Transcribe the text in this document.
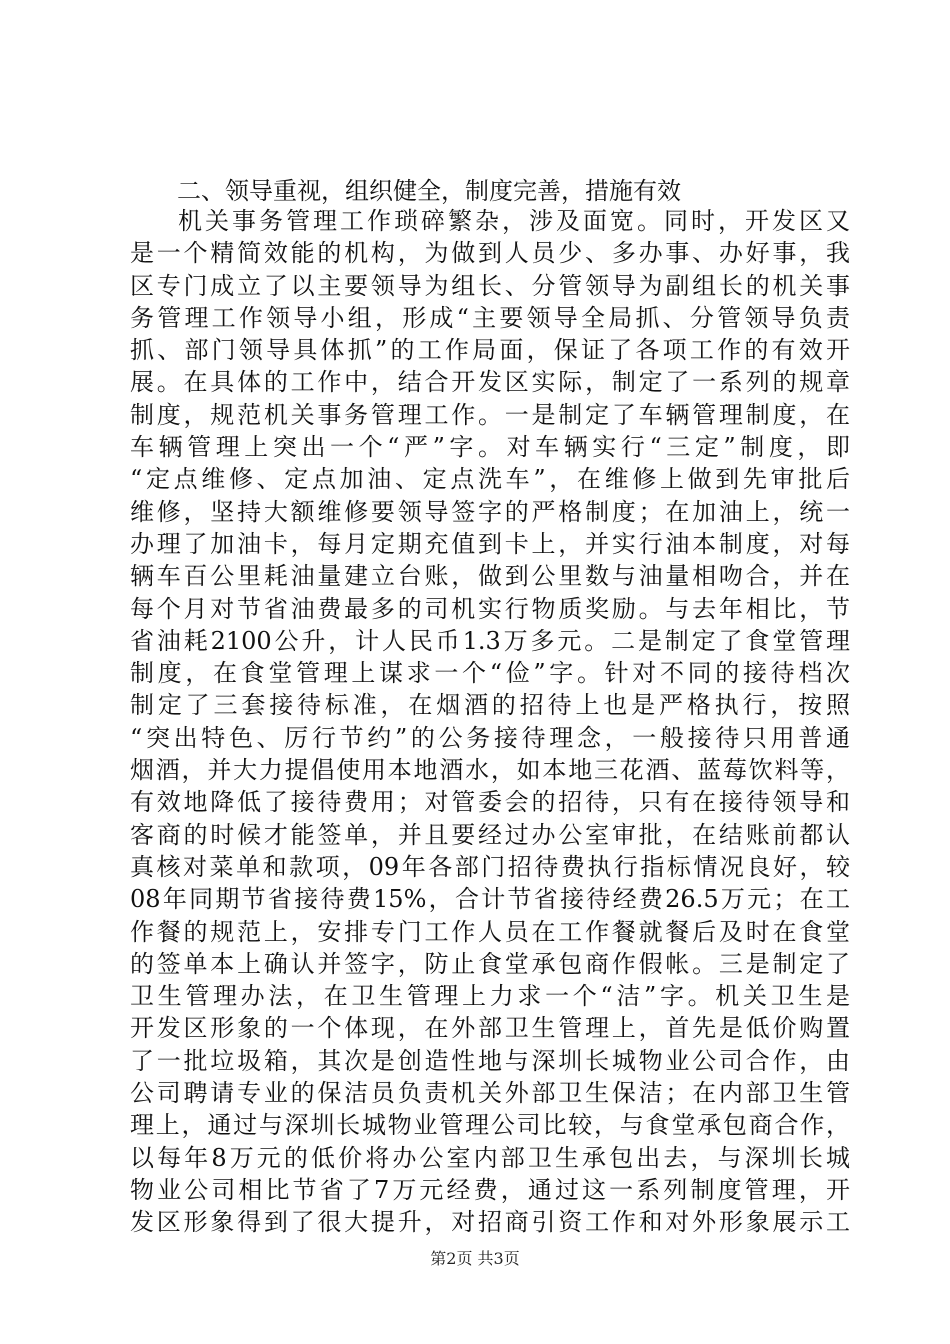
二、领导重视，组织健全，制度完善，措施有效
机关事务管理工作琐碎繁杂，涉及面宽。同时，开发区又
是一个精简效能的机构，为做到人员少、多办事、办好事，我
区专门成立了以主要领导为组长、分管领导为副组长的机关事
务管理工作领导小组，形成“主要领导全局抓、分管领导负责
抓、部门领导具体抓”的工作局面，保证了各项工作的有效开
展。在具体的工作中，结合开发区实际，制定了一系列的规章
制度，规范机关事务管理工作。一是制定了车辆管理制度，在
车辆管理上突出一个“严”字。对车辆实行“三定”制度，即
“定点维修、定点加油、定点洗车”，在维修上做到先审批后
维修，坚持大额维修要领导签字的严格制度；在加油上，统一
办理了加油卡，每月定期充值到卡上，并实行油本制度，对每
辆车百公里耗油量建立台账，做到公里数与油量相吻合，并在
每个月对节省油费最多的司机实行物质奖励。与去年相比，节
省油耗2100公升，计人民币1.3万多元。二是制定了食堂管理
制度，在食堂管理上谋求一个“俭”字。针对不同的接待档次
制定了三套接待标准，在烟酒的招待上也是严格执行，按照
“突出特色、厉行节约”的公务接待理念，一般接待只用普通
烟酒，并大力提倡使用本地酒水，如本地三花酒、蓝莓饮料等，
有效地降低了接待费用；对管委会的招待，只有在接待领导和
客商的时候才能签单，并且要经过办公室审批，在结账前都认
真核对菜单和款项，09年各部门招待费执行指标情况良好，较
08年同期节省接待费15%，合计节省接待经费26.5万元；在工
作餐的规范上，安排专门工作人员在工作餐就餐后及时在食堂
的签单本上确认并签字，防止食堂承包商作假帐。三是制定了
卫生管理办法，在卫生管理上力求一个“洁”字。机关卫生是
开发区形象的一个体现，在外部卫生管理上，首先是低价购置
了一批垃圾箱，其次是创造性地与深圳长城物业公司合作，由
公司聘请专业的保洁员负责机关外部卫生保洁；在内部卫生管
理上，通过与深圳长城物业管理公司比较，与食堂承包商合作，
以每年8万元的低价将办公室内部卫生承包出去，与深圳长城
物业公司相比节省了7万元经费，通过这一系列制度管理，开
发区形象得到了很大提升，对招商引资工作和对外形象展示工
第2页 共3页
